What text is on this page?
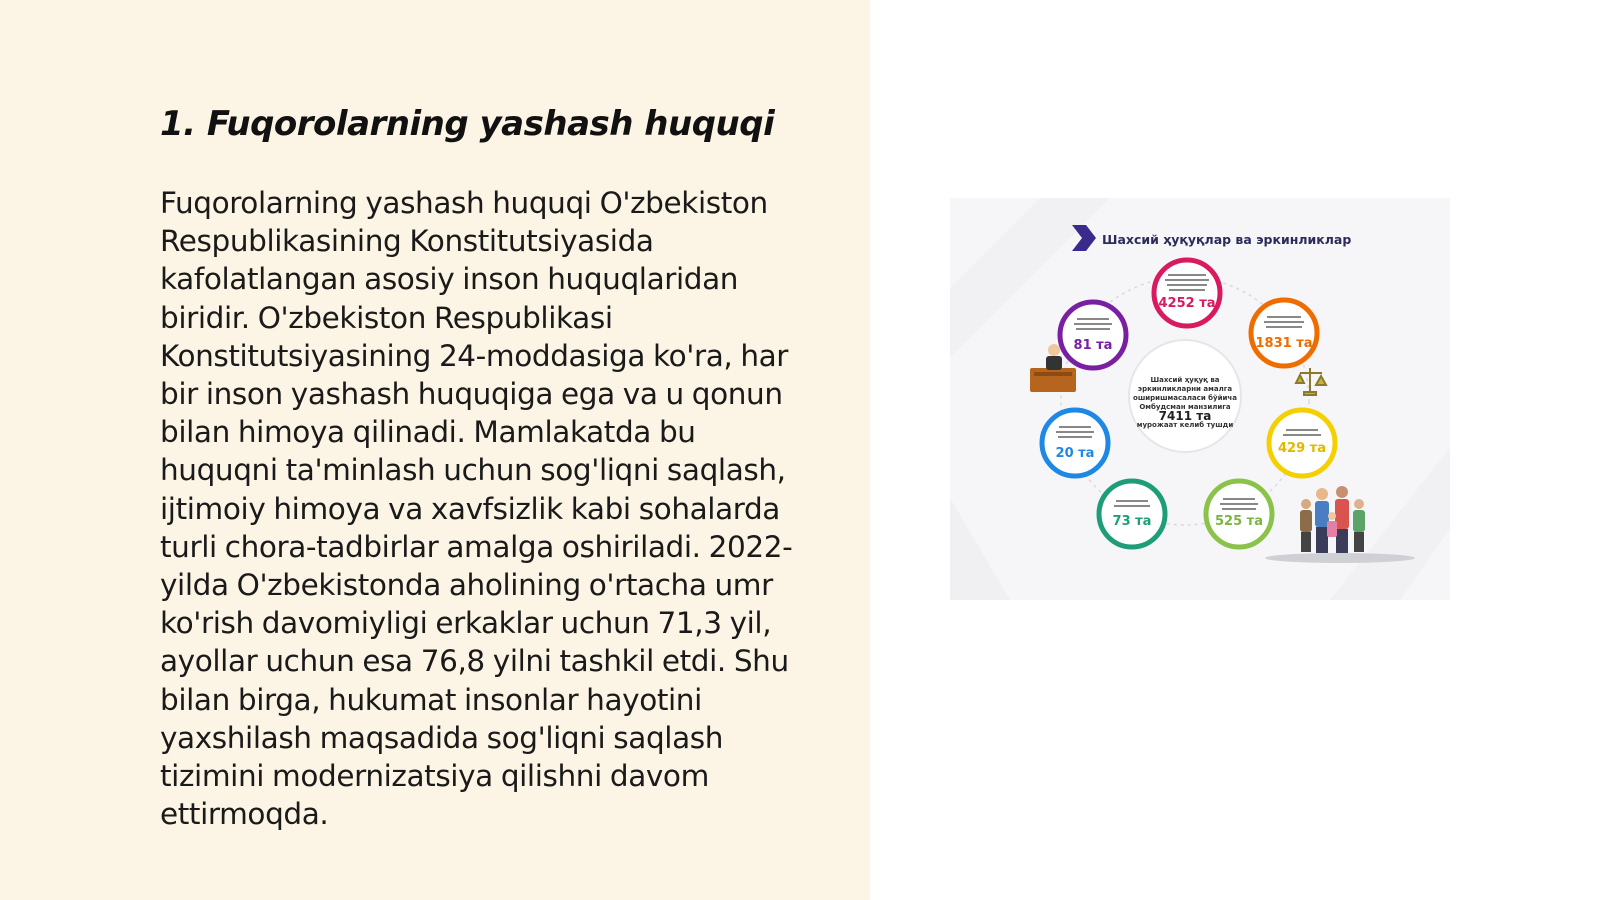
1. Fuqorolarning yashash huquqi

Fuqorolarning yashash huquqi O'zbekiston Respublikasining Konstitutsiyasida kafolatlangan asosiy inson huquqlaridan biridir. O'zbekiston Respublikasi Konstitutsiyasining 24-moddasiga ko'ra, har bir inson yashash huquqiga ega va u qonun bilan himoya qilinadi. Mamlakatda bu huquqni ta'minlash uchun sog'liqni saqlash, ijtimoiy himoya va xavfsizlik kabi sohalarda turli chora-tadbirlar amalga oshiriladi. 2022-yilda O'zbekistonda aholining o'rtacha umr ko'rish davomiyligi erkaklar uchun 71,3 yil, ayollar uchun esa 76,8 yilni tashkil etdi. Shu bilan birga, hukumat insonlar hayotini yaxshilash maqsadida sog'liqni saqlash tizimini modernizatsiya qilishni davom ettirmoqda.

Шахсий ҳуқуқлар ва эркинликлар
4252 та
1831 та
429 та
525 та
73 та
20 та
81 та
Шахсий ҳуқуқ ва эркинликларни амалга оширишмасаласи бўйича Омбудсман манзилига
7411 та
мурожаат келиб тушди
